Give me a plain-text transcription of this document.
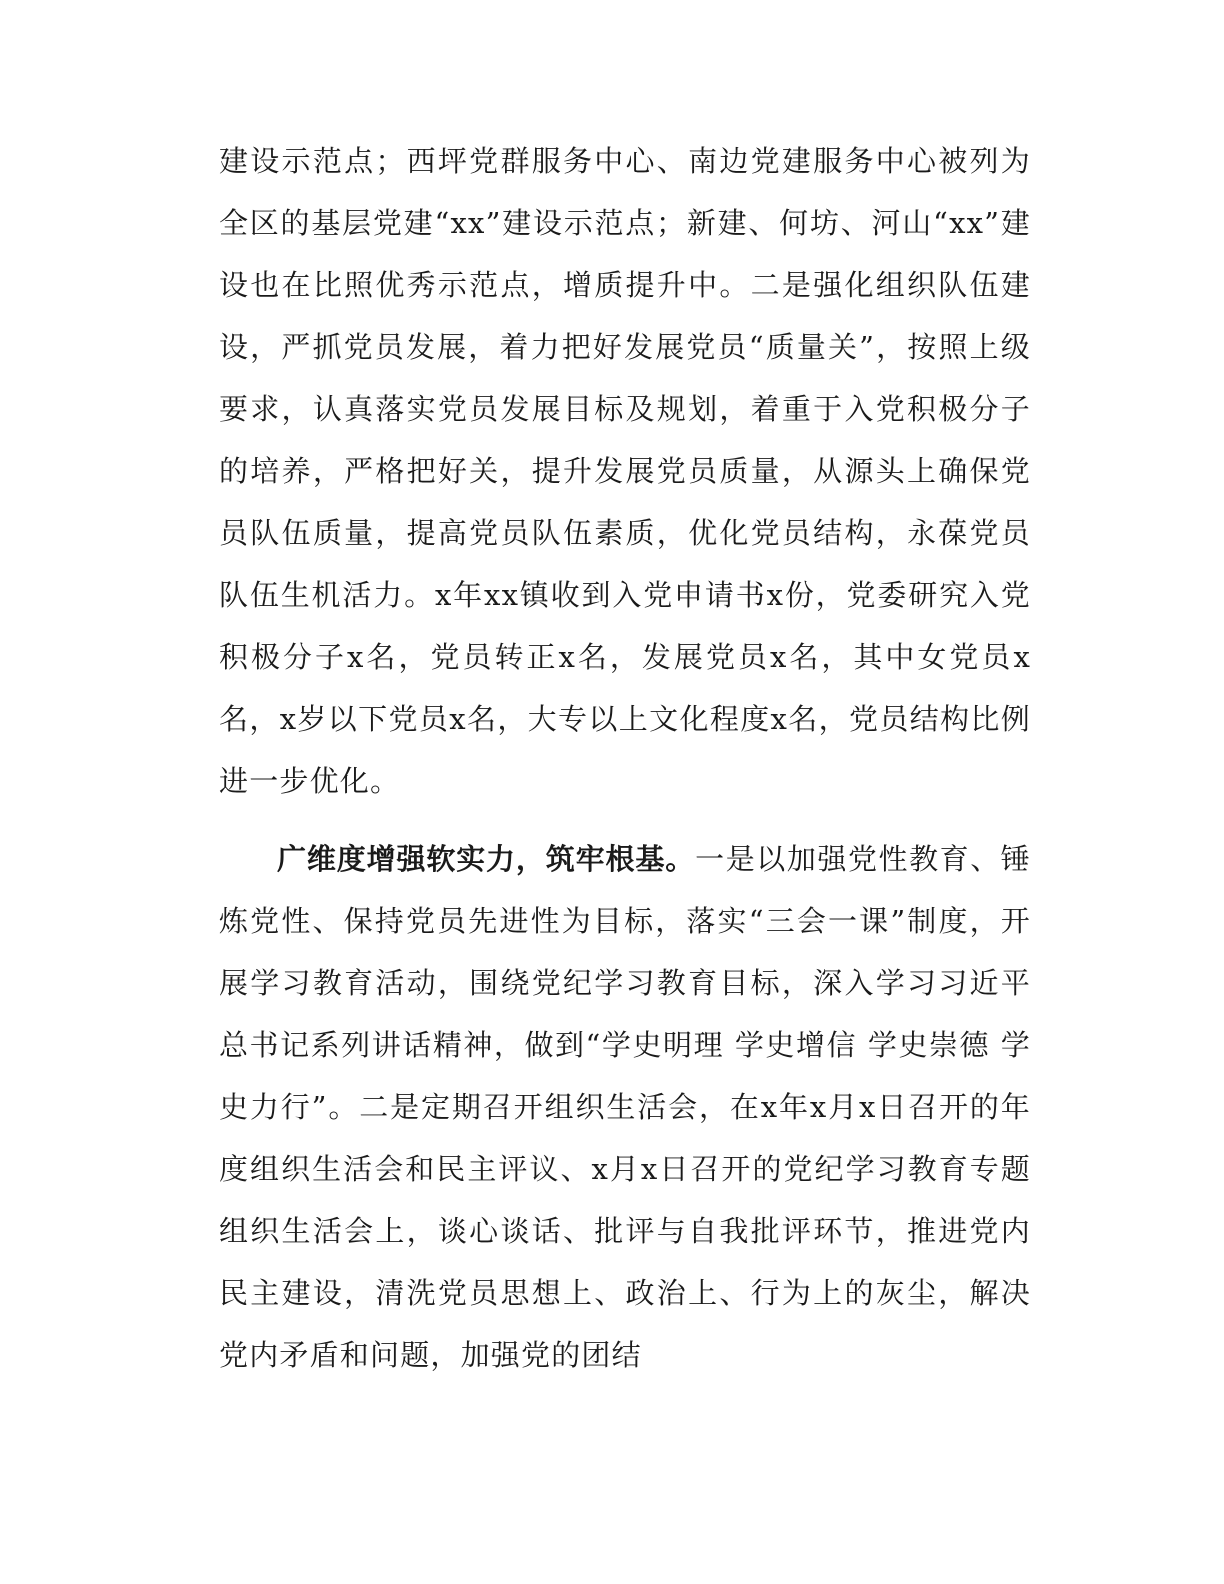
建设示范点；西坪党群服务中心、南边党建服务中心被列为全区的基层党建“xx”建设示范点；新建、何坊、河山“xx”建设也在比照优秀示范点，增质提升中。二是强化组织队伍建设，严抓党员发展，着力把好发展党员“质量关”，按照上级要求，认真落实党员发展目标及规划，着重于入党积极分子的培养，严格把好关，提升发展党员质量，从源头上确保党员队伍质量，提高党员队伍素质，优化党员结构，永葆党员队伍生机活力。x年xx镇收到入党申请书x份，党委研究入党积极分子x名，党员转正x名，发展党员x名，其中女党员x名，x岁以下党员x名，大专以上文化程度x名，党员结构比例进一步优化。

广维度增强软实力，筑牢根基。一是以加强党性教育、锤炼党性、保持党员先进性为目标，落实“三会一课”制度，开展学习教育活动，围绕党纪学习教育目标，深入学习习近平总书记系列讲话精神，做到“学史明理 学史增信 学史崇德 学史力行”。二是定期召开组织生活会，在x年x月x日召开的年度组织生活会和民主评议、x月x日召开的党纪学习教育专题组织生活会上，谈心谈话、批评与自我批评环节，推进党内民主建设，清洗党员思想上、政治上、行为上的灰尘，解决党内矛盾和问题，加强党的团结
